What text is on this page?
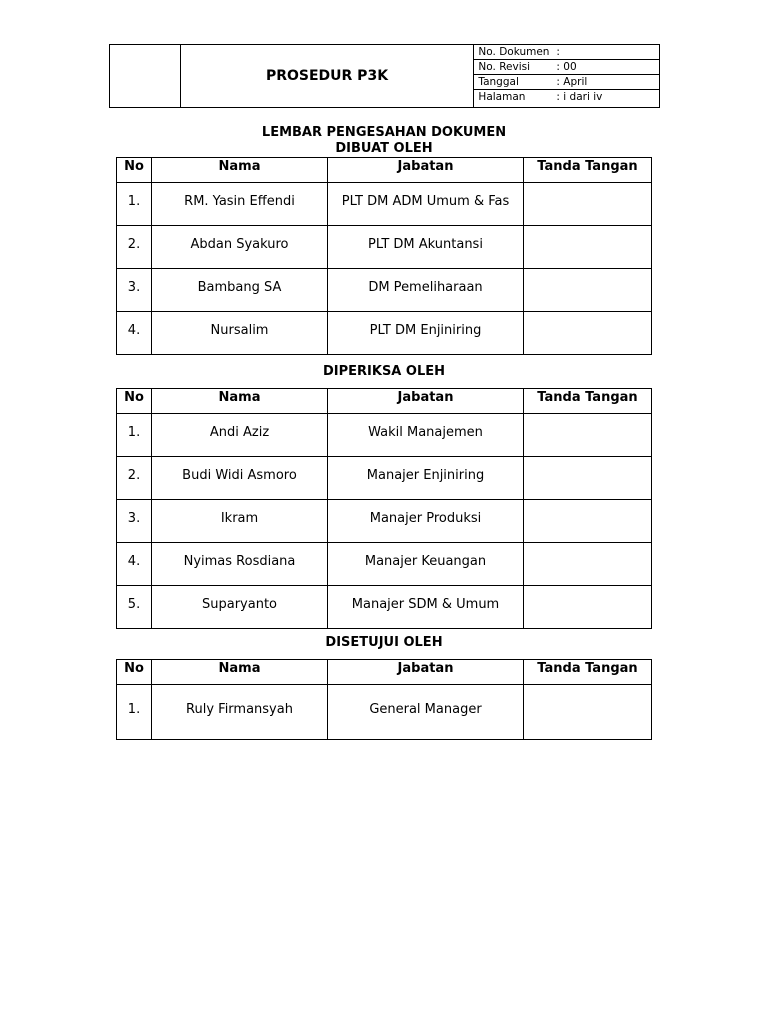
	PROSEDUR P3K	
No. Dokumen :
No. Revisi	: 00
Tanggal	: April
Halaman	: i dari iv
LEMBAR PENGESAHAN DOKUMEN
DIBUAT OLEH
No	Nama	Jabatan	Tanda Tangan
1.	RM. Yasin Effendi	PLT DM ADM Umum & Fas	
2.	Abdan Syakuro	PLT DM Akuntansi	
3.	Bambang SA	DM Pemeliharaan	
4.	Nursalim	PLT DM Enjiniring	
DIPERIKSA OLEH
No	Nama	Jabatan	Tanda Tangan
1.	Andi Aziz	Wakil Manajemen	
2.	Budi Widi Asmoro	Manajer Enjiniring	
3.	Ikram	Manajer Produksi	
4.	Nyimas Rosdiana	Manajer Keuangan	
5.	Suparyanto	Manajer SDM & Umum	
DISETUJUI OLEH
No	Nama	Jabatan	Tanda Tangan
1.	Ruly Firmansyah	General Manager	
